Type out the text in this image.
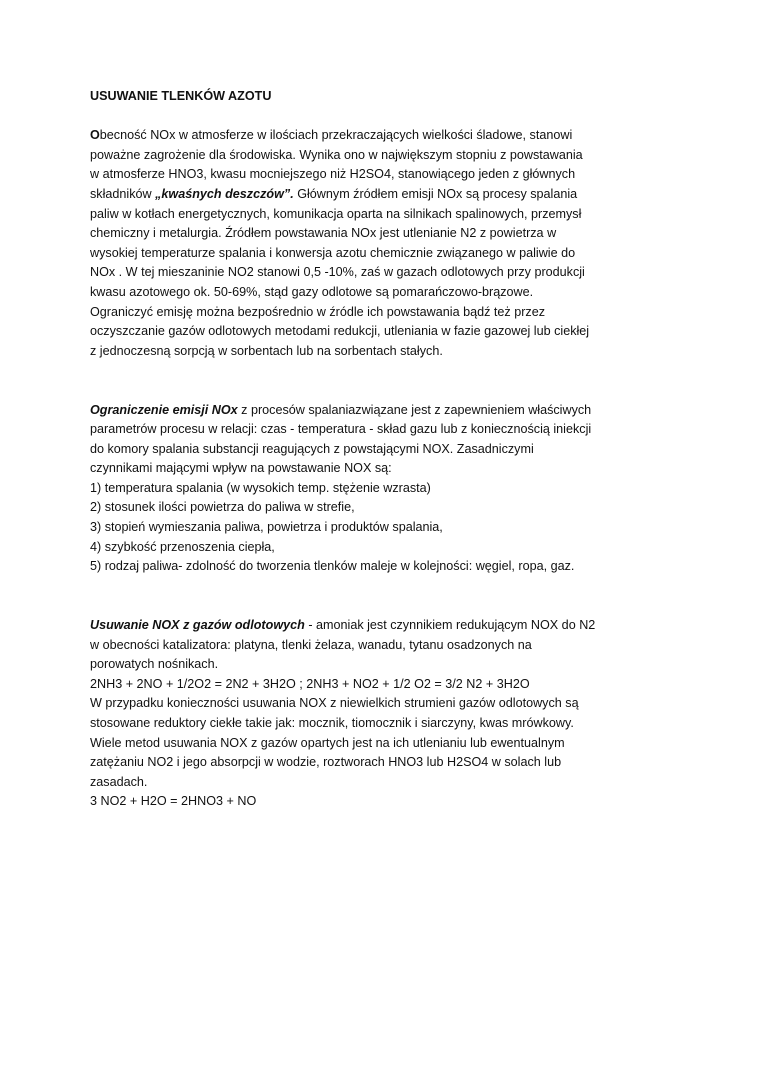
USUWANIE TLENKÓW AZOTU
Obecność NOx w atmosferze w ilościach przekraczających wielkości śladowe, stanowi
poważne zagrożenie dla środowiska. Wynika ono w największym stopniu z powstawania
w atmosferze HNO3, kwasu mocniejszego niż H2SO4, stanowiącego jeden z głównych
składników „kwaśnych deszczów”. Głównym źródłem emisji NOx są procesy spalania
paliw w kotłach energetycznych, komunikacja oparta na silnikach spalinowych, przemysł
chemiczny i metalurgia. Źródłem powstawania NOx jest utlenianie N2 z powietrza w
wysokiej temperaturze spalania i konwersja azotu chemicznie związanego w paliwie do
NOx . W tej mieszaninie NO2 stanowi 0,5 -10%, zaś w gazach odlotowych przy produkcji
kwasu azotowego ok. 50-69%, stąd gazy odlotowe są pomarańczowo-brązowe.
Ograniczyć emisję można bezpośrednio w źródle ich powstawania bądź też przez
oczyszczanie gazów odlotowych metodami redukcji, utleniania w fazie gazowej lub ciekłej
z jednoczesną sorpcją w sorbentach lub na sorbentach stałych.
Ograniczenie emisji NOx z procesów spalaniazwiązane jest z zapewnieniem właściwych
parametrów procesu w relacji: czas - temperatura - skład gazu lub z koniecznością iniekcji
do komory spalania substancji reagujących z powstającymi NOX. Zasadniczymi
czynnikami mającymi wpływ na powstawanie NOX są:
1) temperatura spalania (w wysokich temp. stężenie wzrasta)
2) stosunek ilości powietrza do paliwa w strefie,
3) stopień wymieszania paliwa, powietrza i produktów spalania,
4) szybkość przenoszenia ciepła,
5) rodzaj paliwa- zdolność do tworzenia tlenków maleje w kolejności: węgiel, ropa, gaz.
Usuwanie NOX z gazów odlotowych - amoniak jest czynnikiem redukującym NOX do N2
w obecności katalizatora: platyna, tlenki żelaza, wanadu, tytanu osadzonych na
porowatych nośnikach.
2NH3 + 2NO + 1/2O2 = 2N2 + 3H2O ; 2NH3 + NO2 + 1/2 O2 = 3/2 N2 + 3H2O
W przypadku konieczności usuwania NOX z niewielkich strumieni gazów odlotowych są
stosowane reduktory ciekłe takie jak: mocznik, tiomocznik i siarczyny, kwas mrówkowy.
Wiele metod usuwania NOX z gazów opartych jest na ich utlenianiu lub ewentualnym
zatężaniu NO2 i jego absorpcji w wodzie, roztworach HNO3 lub H2SO4 w solach lub
zasadach.
3 NO2 + H2O = 2HNO3 + NO
